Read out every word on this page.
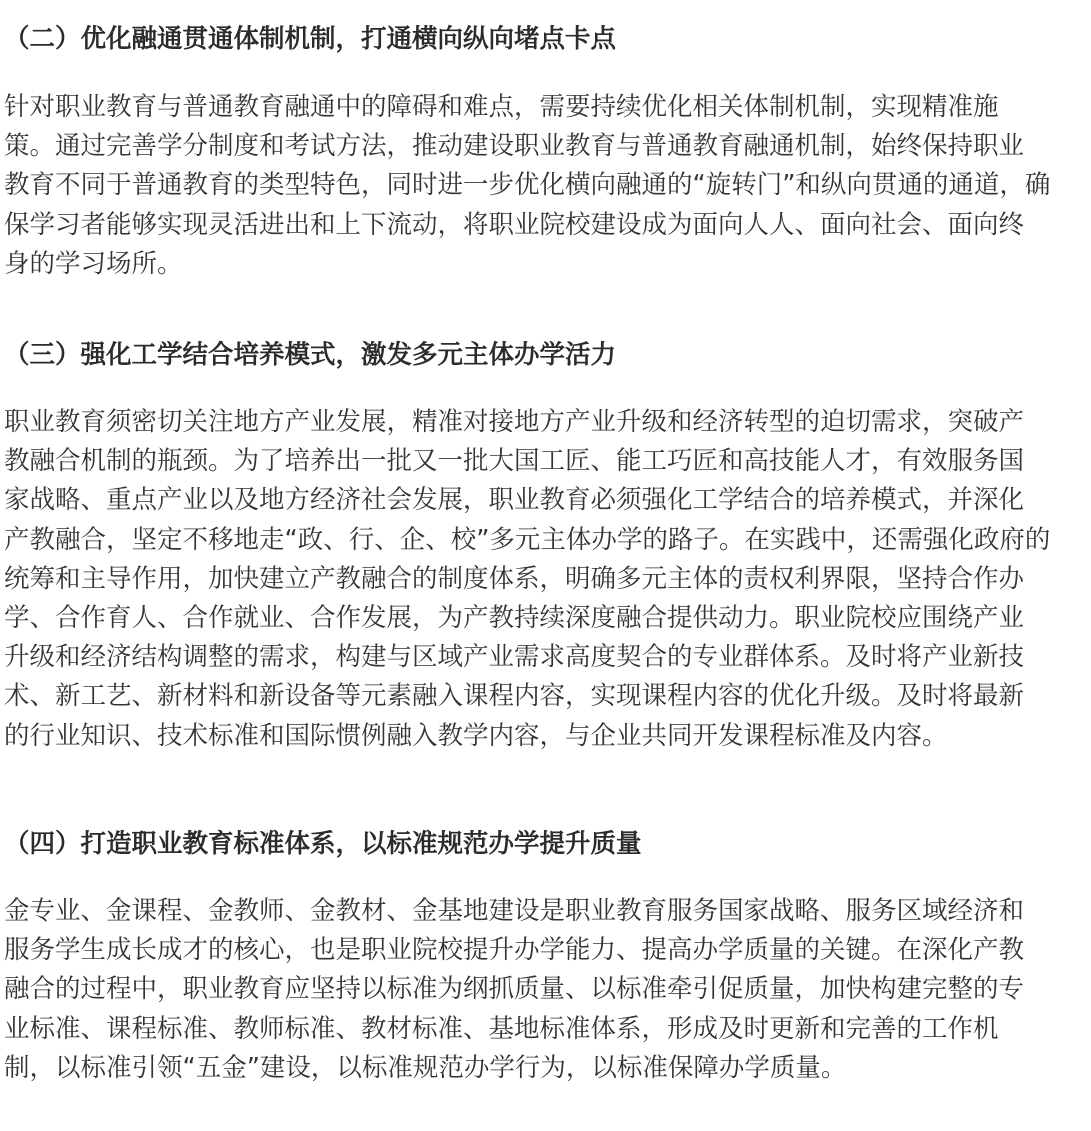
（二）优化融通贯通体制机制，打通横向纵向堵点卡点

针对职业教育与普通教育融通中的障碍和难点，需要持续优化相关体制机制，实现精准施
策。通过完善学分制度和考试方法，推动建设职业教育与普通教育融通机制，始终保持职业
教育不同于普通教育的类型特色，同时进一步优化横向融通的“旋转门”和纵向贯通的通道，确
保学习者能够实现灵活进出和上下流动，将职业院校建设成为面向人人、面向社会、面向终
身的学习场所。

（三）强化工学结合培养模式，激发多元主体办学活力

职业教育须密切关注地方产业发展，精准对接地方产业升级和经济转型的迫切需求，突破产
教融合机制的瓶颈。为了培养出一批又一批大国工匠、能工巧匠和高技能人才，有效服务国
家战略、重点产业以及地方经济社会发展，职业教育必须强化工学结合的培养模式，并深化
产教融合，坚定不移地走“政、行、企、校”多元主体办学的路子。在实践中，还需强化政府的
统筹和主导作用，加快建立产教融合的制度体系，明确多元主体的责权利界限，坚持合作办
学、合作育人、合作就业、合作发展，为产教持续深度融合提供动力。职业院校应围绕产业
升级和经济结构调整的需求，构建与区域产业需求高度契合的专业群体系。及时将产业新技
术、新工艺、新材料和新设备等元素融入课程内容，实现课程内容的优化升级。及时将最新
的行业知识、技术标准和国际惯例融入教学内容，与企业共同开发课程标准及内容。

（四）打造职业教育标准体系，以标准规范办学提升质量

金专业、金课程、金教师、金教材、金基地建设是职业教育服务国家战略、服务区域经济和
服务学生成长成才的核心，也是职业院校提升办学能力、提高办学质量的关键。在深化产教
融合的过程中，职业教育应坚持以标准为纲抓质量、以标准牵引促质量，加快构建完整的专
业标准、课程标准、教师标准、教材标准、基地标准体系，形成及时更新和完善的工作机
制，以标准引领“五金”建设，以标准规范办学行为，以标准保障办学质量。
